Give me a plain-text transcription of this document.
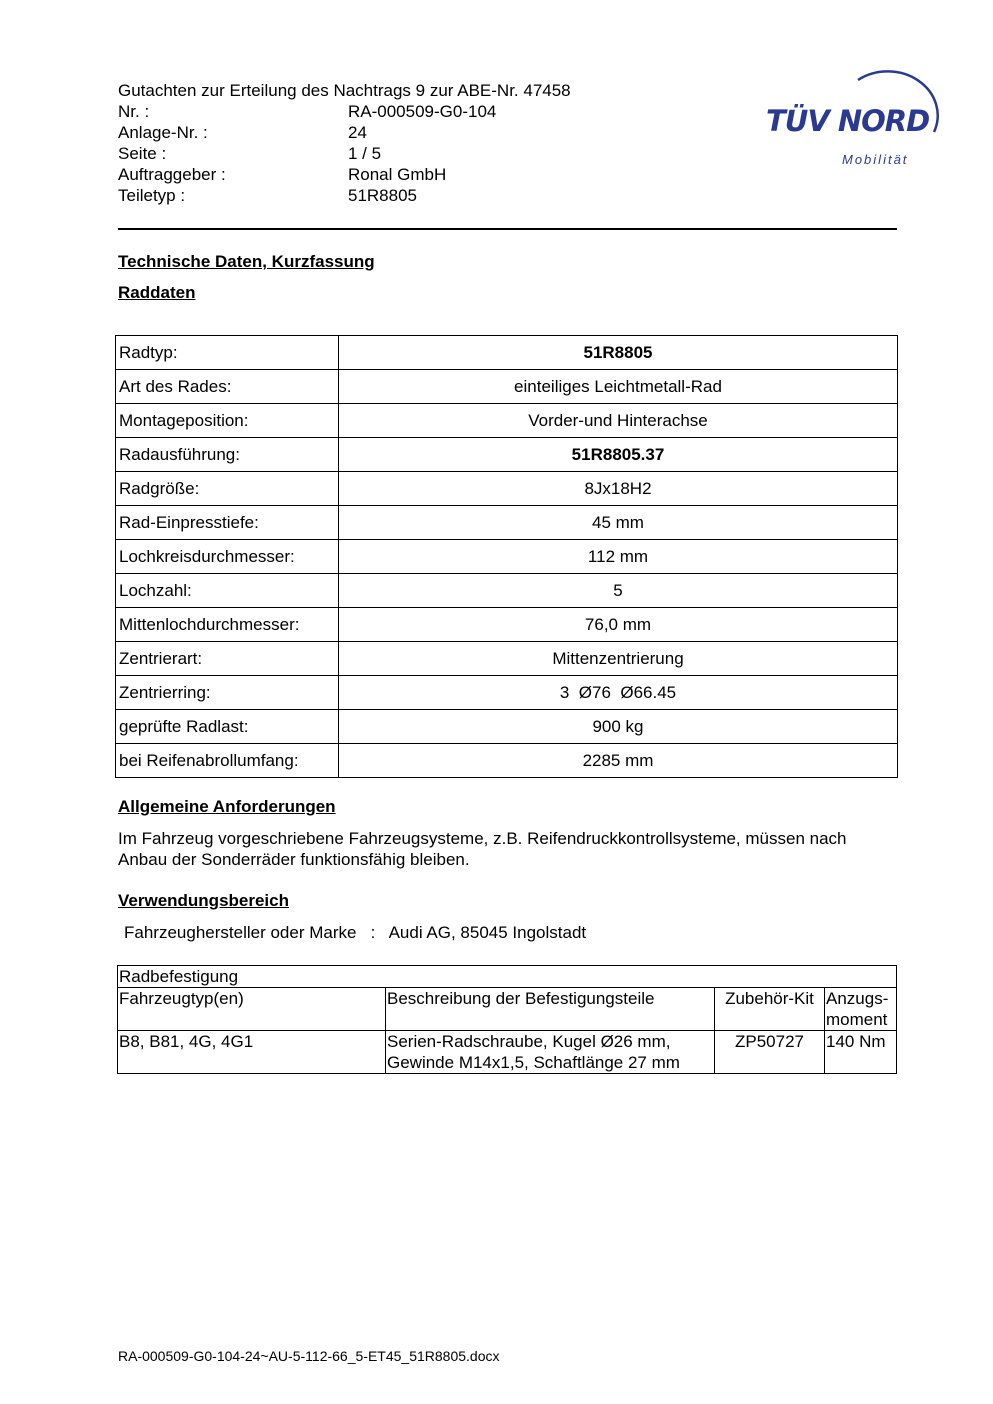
Gutachten zur Erteilung des Nachtrags 9 zur ABE-Nr. 47458
Nr. :	RA-000509-G0-104
Anlage-Nr. :	24
Seite :	1 / 5
Auftraggeber :	Ronal GmbH
Teiletyp :	51R8805
TÜV NORD
Mobilität
Technische Daten, Kurzfassung
Raddaten
Radtyp:	51R8805
Art des Rades:	einteiliges Leichtmetall-Rad
Montageposition:	Vorder-und Hinterachse
Radausführung:	51R8805.37
Radgröße:	8Jx18H2
Rad-Einpresstiefe:	45 mm
Lochkreisdurchmesser:	112 mm
Lochzahl:	5
Mittenlochdurchmesser:	76,0 mm
Zentrierart:	Mittenzentrierung
Zentrierring:	3  Ø76  Ø66.45
geprüfte Radlast:	900 kg
bei Reifenabrollumfang:	2285 mm
Allgemeine Anforderungen
Im Fahrzeug vorgeschriebene Fahrzeugsysteme, z.B. Reifendruckkontrollsysteme, müssen nach Anbau der Sonderräder funktionsfähig bleiben.
Verwendungsbereich
Fahrzeughersteller oder Marke : Audi AG, 85045 Ingolstadt
Radbefestigung			
Fahrzeugtyp(en)	Beschreibung der Befestigungsteile	Zubehör-Kit	Anzugs-moment
B8, B81, 4G, 4G1	Serien-Radschraube, Kugel Ø26 mm, Gewinde M14x1,5, Schaftlänge 27 mm	ZP50727	140 Nm
RA-000509-G0-104-24~AU-5-112-66_5-ET45_51R8805.docx
